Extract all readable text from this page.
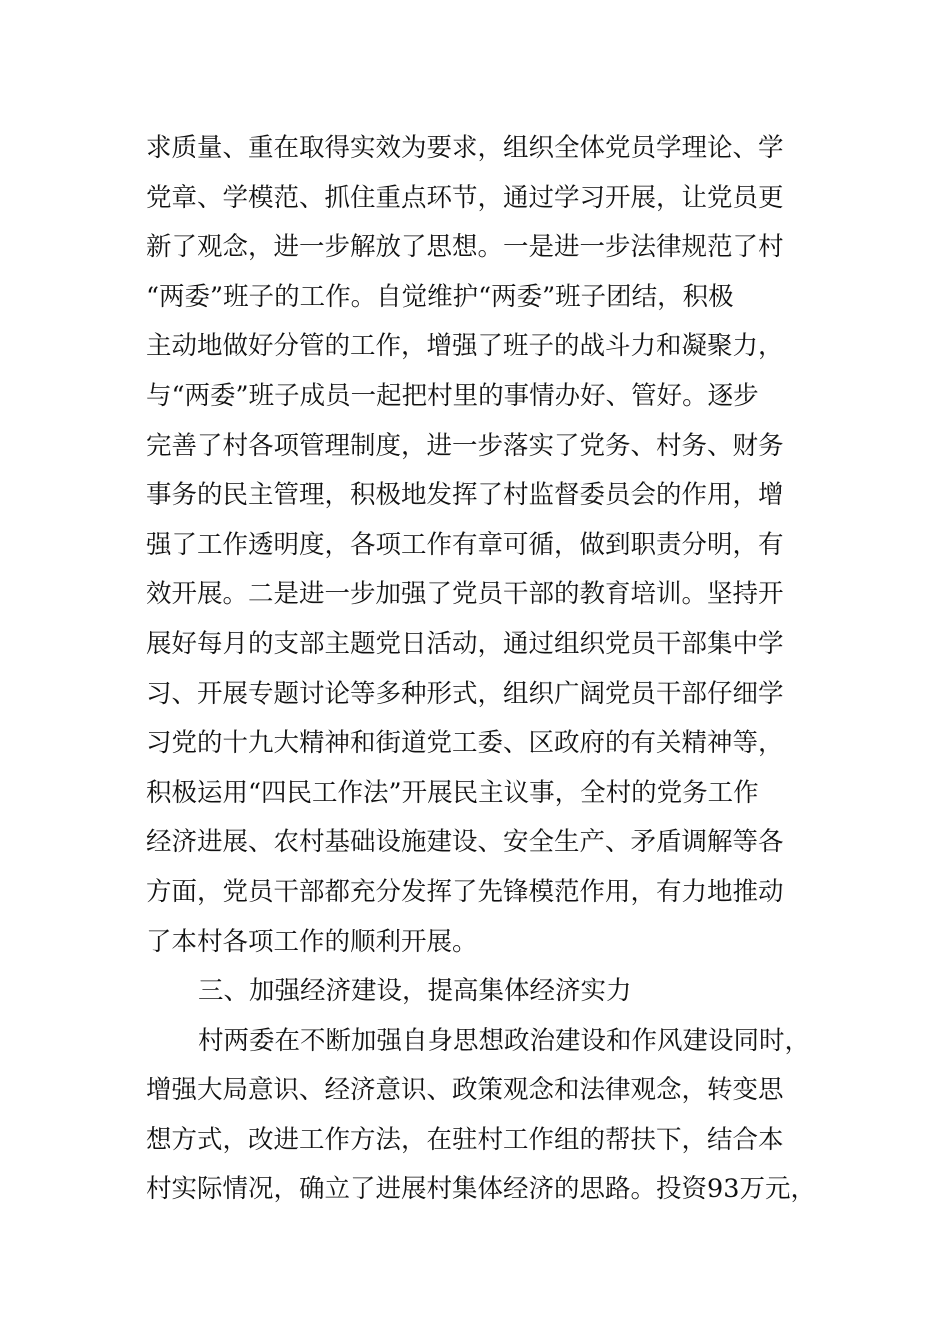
求质量、重在取得实效为要求，组织全体党员学理论、学
党章、学模范、抓住重点环节，通过学习开展，让党员更
新了观念，进一步解放了思想。一是进一步法律规范了村
“两委”班子的工作。自觉维护“两委”班子团结，积极
主动地做好分管的工作，增强了班子的战斗力和凝聚力，
与“两委”班子成员一起把村里的事情办好、管好。逐步
完善了村各项管理制度，进一步落实了党务、村务、财务
事务的民主管理，积极地发挥了村监督委员会的作用，增
强了工作透明度，各项工作有章可循，做到职责分明，有
效开展。二是进一步加强了党员干部的教育培训。坚持开
展好每月的支部主题党日活动，通过组织党员干部集中学
习、开展专题讨论等多种形式，组织广阔党员干部仔细学
习党的十九大精神和街道党工委、区政府的有关精神等，
积极运用“四民工作法”开展民主议事，全村的党务工作
经济进展、农村基础设施建设、安全生产、矛盾调解等各
方面，党员干部都充分发挥了先锋模范作用，有力地推动
了本村各项工作的顺利开展。
三、加强经济建设，提高集体经济实力
村两委在不断加强自身思想政治建设和作风建设同时，
增强大局意识、经济意识、政策观念和法律观念，转变思
想方式，改进工作方法，在驻村工作组的帮扶下，结合本
村实际情况，确立了进展村集体经济的思路。投资93万元，
